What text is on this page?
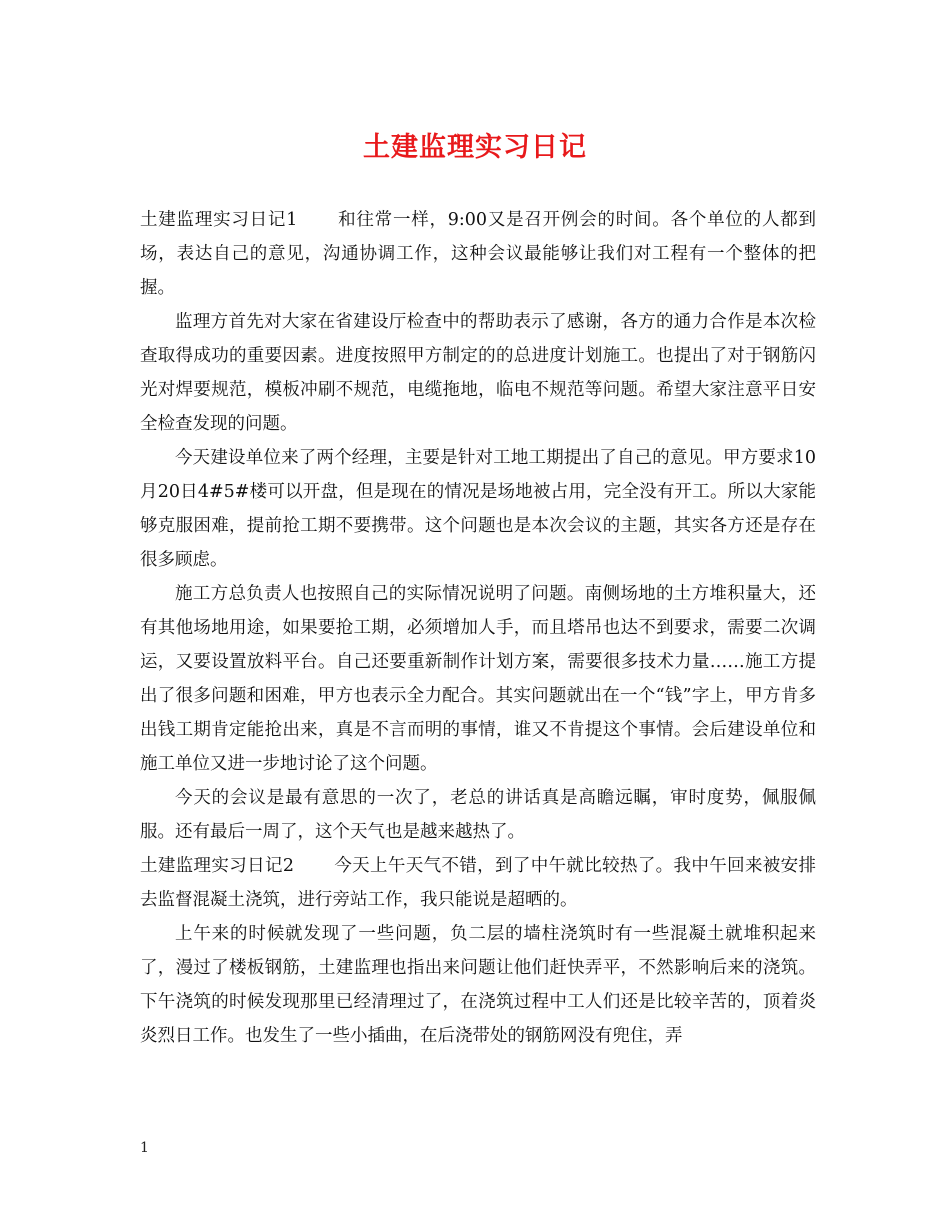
土建监理实习日记

土建监理实习日记1 和往常一样，9:00又是召开例会的时间。各个单位的人都到场，表达自己的意见，沟通协调工作，这种会议最能够让我们对工程有一个整体的把握。

监理方首先对大家在省建设厅检查中的帮助表示了感谢，各方的通力合作是本次检查取得成功的重要因素。进度按照甲方制定的的总进度计划施工。也提出了对于钢筋闪光对焊要规范，模板冲刷不规范，电缆拖地，临电不规范等问题。希望大家注意平日安全检查发现的问题。

今天建设单位来了两个经理，主要是针对工地工期提出了自己的意见。甲方要求10月20日4#5#楼可以开盘，但是现在的情况是场地被占用，完全没有开工。所以大家能够克服困难，提前抢工期不要携带。这个问题也是本次会议的主题，其实各方还是存在很多顾虑。

施工方总负责人也按照自己的实际情况说明了问题。南侧场地的土方堆积量大，还有其他场地用途，如果要抢工期，必须增加人手，而且塔吊也达不到要求，需要二次调运，又要设置放料平台。自己还要重新制作计划方案，需要很多技术力量……施工方提出了很多问题和困难，甲方也表示全力配合。其实问题就出在一个“钱”字上，甲方肯多出钱工期肯定能抢出来，真是不言而明的事情，谁又不肯提这个事情。会后建设单位和施工单位又进一步地讨论了这个问题。

今天的会议是最有意思的一次了，老总的讲话真是高瞻远瞩，审时度势，佩服佩服。还有最后一周了，这个天气也是越来越热了。

土建监理实习日记2 今天上午天气不错，到了中午就比较热了。我中午回来被安排去监督混凝土浇筑，进行旁站工作，我只能说是超晒的。

上午来的时候就发现了一些问题，负二层的墙柱浇筑时有一些混凝土就堆积起来了，漫过了楼板钢筋，土建监理也指出来问题让他们赶快弄平，不然影响后来的浇筑。下午浇筑的时候发现那里已经清理过了，在浇筑过程中工人们还是比较辛苦的，顶着炎炎烈日工作。也发生了一些小插曲，在后浇带处的钢筋网没有兜住，弄

1
